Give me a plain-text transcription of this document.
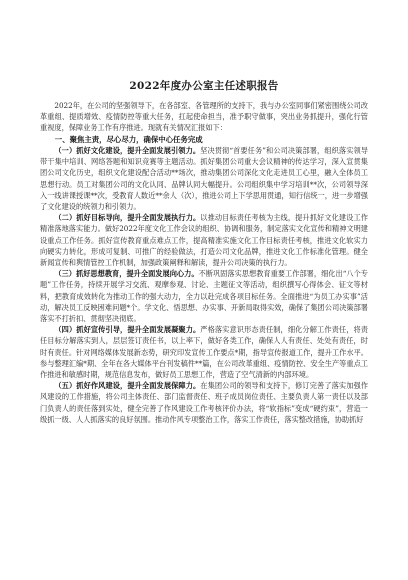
2022年度办公室主任述职报告

2022年，在公司的坚强领导下，在各部室、各管理所的支持下，我与办公室同事们紧密围绕公司改革重组、提质增效、疫情防控等重大任务，扛起使命担当，准予职守做事，突出业务抓提升，强化行管重视度，保障业务工作有序推进。现就有关情况汇报如下：

一、聚焦主责，尽心尽力，确保中心任务完成

（一）抓好文化建设，提升全面发展引领力。坚决贯彻“首要任务”和公司决策部署，组织落实领导带干集中培训、网络答题和知识竞赛等主题活动。抓好集团公司重大会议精神的传达学习，深入宣贯集团公司文化历史，组织文化建设配合活动**场次，推动集团公司深化文化走进员工心里，融入全体员工思想行动。员工对集团公司的文化认同、品牌认同大幅提升。公司组织集中学习培训**次，公司领导深入一线讲课授课**次，受教育人数近**余人（次），推进公司上下学思用贯通，知行信统一，进一步增强了文化建设的统领力和引领力。

（二）抓好目标导向，提升全面发展执行力。以推动目标责任考核为主线，提升抓好文化建设工作精准落地落实能力。做好2022年度文化工作会议的组织、协调和服务，制定落实文化宣传和精神文明建设重点工作任务。抓好宣传教育重点难点工作，提高精准实施文化工作目标责任考核，推进文化软实力向硬实力转化，形成可复制、可推广的经验做法，打造公司文化品牌，推进文化工作标准化管理。健全新闻宣传和舆情管控工作机制，加强政策阐释和解读，提升公司决策的执行力。

（三）抓好思想教育，提升全面发展向心力。不断巩固落实思想教育重要工作部署，细化出“八个专题”工作任务，持续开展学习交流、观摩参观、讨论、主题征文等活动，组织撰写心得体会、征文等材料，把教育成效转化为推动工作的强大动力，全力以赴完成各项目标任务。全面推进“为员工办实事”活动，解决员工反映困难问题*个。学文化、悟思想、办实事、开新局取得实效，确保了集团公司决策部署落实不打折扣、贯彻坚决彻底。

（四）抓好宣传引导，提升全面发展凝聚力。严格落实意识形态责任制，细化分解工作责任，将责任目标分解落实到人，层层签订责任书，以上率下，做好各类工作，确保人人有责任、处处有责任，时时有责任。针对网络媒体发展新态势，研究印发宣传工作要点*期，指导宣传报道工作，提升工作水平。参与整理汇编*期、全年在各大媒体平台刊发稿件**篇，在公司改革重组、疫情防控、安全生产等重点工作推进和敏感时期，规范信息发布，做好员工思想工作，营造了空气清新的内部环境。

（五）抓好作风建设，提升全面发展保障力。在集团公司的领导和支持下，修订完善了落实加强作风建设的工作措施，将公司主体责任、部门监督责任、班子成员岗位责任、主要负责人第一责任以及部门负责人的责任落到实处，健全完善了作风建设工作考核评价办法，将“软指标”变成“硬约束”，营造一级抓一级、人人抓落实的良好氛围。推动作风专项整治工作，落实工作责任，落实整改措施，协助抓好
